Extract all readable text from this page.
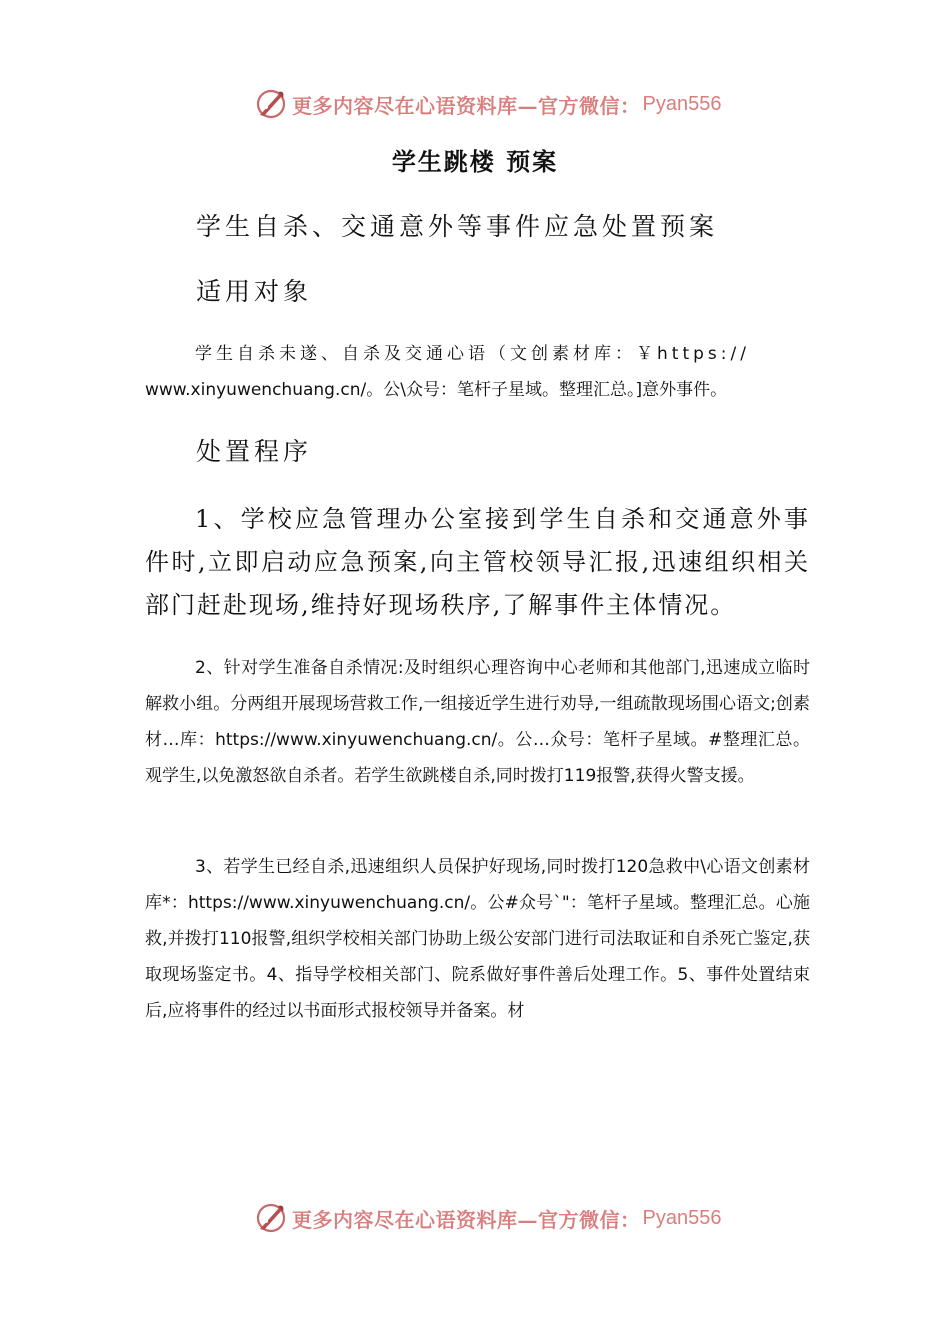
更多内容尽在心语资料库—官方微信： Pyan556
学生跳楼 预案
学生自杀、交通意外等事件应急处置预案
适用对象
学生自杀未遂、自杀及交通心语（文创素材库：￥https://
www.xinyuwenchuang.cn/。公\众号：笔杆子星域。整理汇总。]意外事件。
处置程序
1、学校应急管理办公室接到学生自杀和交通意外事件时,立即启动应急预案,向主管校领导汇报,迅速组织相关部门赶赴现场,维持好现场秩序,了解事件主体情况。
2、针对学生准备自杀情况:及时组织心理咨询中心老师和其他部门,迅速成立临时解救小组。分两组开展现场营救工作,一组接近学生进行劝导,一组疏散现场围心语文;创素材…库：https://www.xinyuwenchuang.cn/。公…众号：笔杆子星域。#整理汇总。观学生,以免激怒欲自杀者。若学生欲跳楼自杀,同时拨打119报警,获得火警支援。
3、若学生已经自杀,迅速组织人员保护好现场,同时拨打120急救中\心语文创素材库*：https://www.xinyuwenchuang.cn/。公#众号`"：笔杆子星域。整理汇总。心施救,并拨打110报警,组织学校相关部门协助上级公安部门进行司法取证和自杀死亡鉴定,获取现场鉴定书。4、指导学校相关部门、院系做好事件善后处理工作。5、事件处置结束后,应将事件的经过以书面形式报校领导并备案。材
更多内容尽在心语资料库—官方微信： Pyan556
